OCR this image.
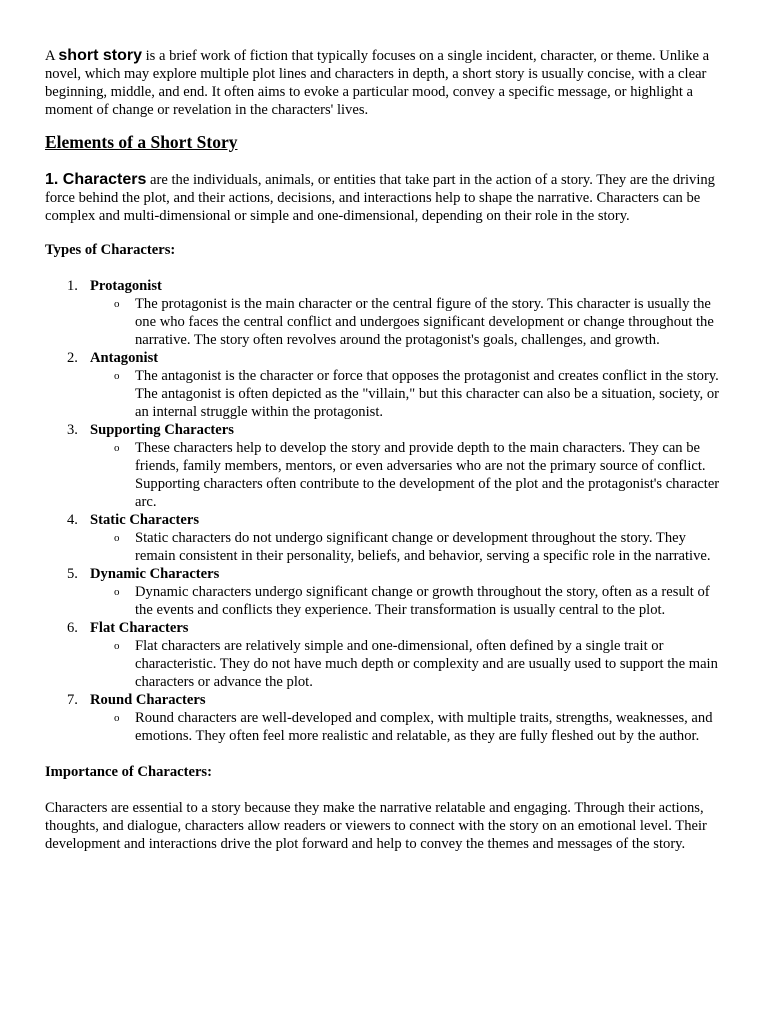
A short story is a brief work of fiction that typically focuses on a single incident, character, or theme. Unlike a novel, which may explore multiple plot lines and characters in depth, a short story is usually concise, with a clear beginning, middle, and end. It often aims to evoke a particular mood, convey a specific message, or highlight a moment of change or revelation in the characters' lives.

Elements of a Short Story

1. Characters are the individuals, animals, or entities that take part in the action of a story. They are the driving force behind the plot, and their actions, decisions, and interactions help to shape the narrative. Characters can be complex and multi-dimensional or simple and one-dimensional, depending on their role in the story.

Types of Characters:

1. Protagonist
o The protagonist is the main character or the central figure of the story. This character is usually the one who faces the central conflict and undergoes significant development or change throughout the narrative. The story often revolves around the protagonist's goals, challenges, and growth.
2. Antagonist
o The antagonist is the character or force that opposes the protagonist and creates conflict in the story. The antagonist is often depicted as the "villain," but this character can also be a situation, society, or an internal struggle within the protagonist.
3. Supporting Characters
o These characters help to develop the story and provide depth to the main characters. They can be friends, family members, mentors, or even adversaries who are not the primary source of conflict. Supporting characters often contribute to the development of the plot and the protagonist's character arc.
4. Static Characters
o Static characters do not undergo significant change or development throughout the story. They remain consistent in their personality, beliefs, and behavior, serving a specific role in the narrative.
5. Dynamic Characters
o Dynamic characters undergo significant change or growth throughout the story, often as a result of the events and conflicts they experience. Their transformation is usually central to the plot.
6. Flat Characters
o Flat characters are relatively simple and one-dimensional, often defined by a single trait or characteristic. They do not have much depth or complexity and are usually used to support the main characters or advance the plot.
7. Round Characters
o Round characters are well-developed and complex, with multiple traits, strengths, weaknesses, and emotions. They often feel more realistic and relatable, as they are fully fleshed out by the author.

Importance of Characters:

Characters are essential to a story because they make the narrative relatable and engaging. Through their actions, thoughts, and dialogue, characters allow readers or viewers to connect with the story on an emotional level. Their development and interactions drive the plot forward and help to convey the themes and messages of the story.
